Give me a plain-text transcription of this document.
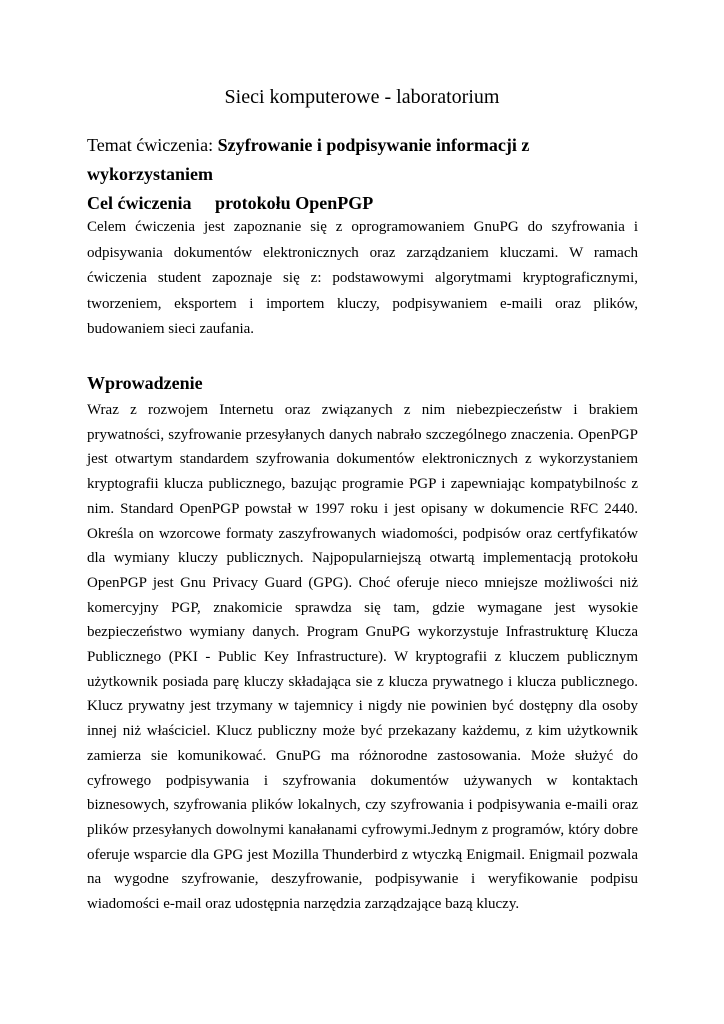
Sieci komputerowe - laboratorium

Temat ćwiczenia: Szyfrowanie i podpisywanie informacji z wykorzystaniem
protokołu OpenPGP

Cel ćwiczenia

Celem ćwiczenia jest zapoznanie się z oprogramowaniem GnuPG do szyfrowania i odpisywania dokumentów elektronicznych oraz zarządzaniem kluczami. W ramach ćwiczenia student zapoznaje się z: podstawowymi algorytmami kryptograficznymi, tworzeniem, eksportem i importem kluczy, podpisywaniem e-maili oraz plików, budowaniem sieci zaufania.

Wprowadzenie

Wraz z rozwojem Internetu oraz związanych z nim niebezpieczeństw i brakiem prywatności, szyfrowanie przesyłanych danych nabrało szczególnego znaczenia. OpenPGP jest otwartym standardem szyfrowania dokumentów elektronicznych z wykorzystaniem kryptografii klucza publicznego, bazując programie PGP i zapewniając kompatybilnośc z nim. Standard OpenPGP powstał w 1997 roku i jest opisany w dokumencie RFC 2440. Określa on wzorcowe formaty zaszyfrowanych wiadomości, podpisów oraz certfyfikatów dla wymiany kluczy publicznych. Najpopularniejszą otwartą implementacją protokołu OpenPGP jest Gnu Privacy Guard (GPG). Choć oferuje nieco mniejsze możliwości niż komercyjny PGP, znakomicie sprawdza się tam, gdzie wymagane jest wysokie bezpieczeństwo wymiany danych. Program GnuPG wykorzystuje Infrastrukturę Klucza Publicznego (PKI - Public Key Infrastructure). W kryptografii z kluczem publicznym użytkownik posiada parę kluczy składająca sie z klucza prywatnego i klucza publicznego. Klucz prywatny jest trzymany w tajemnicy i nigdy nie powinien być dostępny dla osoby innej niż właściciel. Klucz publiczny może być przekazany każdemu, z kim użytkownik zamierza sie komunikować. GnuPG ma różnorodne zastosowania. Może służyć do cyfrowego podpisywania i szyfrowania dokumentów używanych w kontaktach biznesowych, szyfrowania plików lokalnych, czy szyfrowania i podpisywania e-maili oraz plików przesyłanych dowolnymi kanałanami cyfrowymi.Jednym z programów, który dobre oferuje wsparcie dla GPG jest Mozilla Thunderbird z wtyczką Enigmail. Enigmail pozwala na wygodne szyfrowanie, deszyfrowanie, podpisywanie i weryfikowanie podpisu wiadomości e-mail oraz udostępnia narzędzia zarządzające bazą kluczy.
